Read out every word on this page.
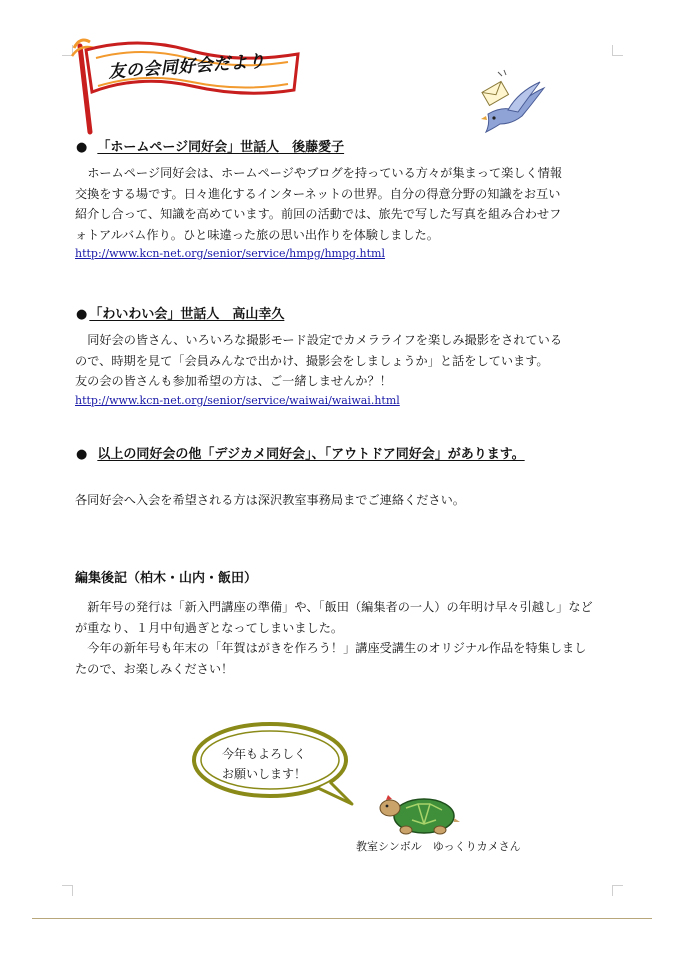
友の会同好会だより
● 「ホームページ同好会」世話人　後藤愛子

ホームページ同好会は、ホームページやブログを持っている方々が集まって楽しく情報

交換をする場です。日々進化するインターネットの世界。自分の得意分野の知識をお互い

紹介し合って、知識を高めています。前回の活動では、旅先で写した写真を組み合わせフ

ォトアルバム作り。ひと味違った旅の思い出作りを体験しました。

http://www.kcn-net.org/senior/service/hmpg/hmpg.html
● 「わいわい会」世話人　高山幸久

同好会の皆さん、いろいろな撮影モード設定でカメラライフを楽しみ撮影をされている

ので、時期を見て「会員みんなで出かけ、撮影会をしましょうか」と話をしています。

友の会の皆さんも参加希望の方は、ご一緒しませんか？！

http://www.kcn-net.org/senior/service/waiwai/waiwai.html
● 以上の同好会の他「デジカメ同好会」、「アウトドア同好会」があります。

各同好会へ入会を希望される方は深沢教室事務局までご連絡ください。

編集後記（柏木・山内・飯田）

新年号の発行は「新入門講座の準備」や、「飯田（編集者の一人）の年明け早々引越し」など

が重なり、１月中旬過ぎとなってしまいました。

今年の新年号も年末の「年賀はがきを作ろう！」講座受講生のオリジナル作品を特集しまし

たので、お楽しみください！

今年もよろしく
お願いします！
教室シンボル　ゆっくりカメさん
